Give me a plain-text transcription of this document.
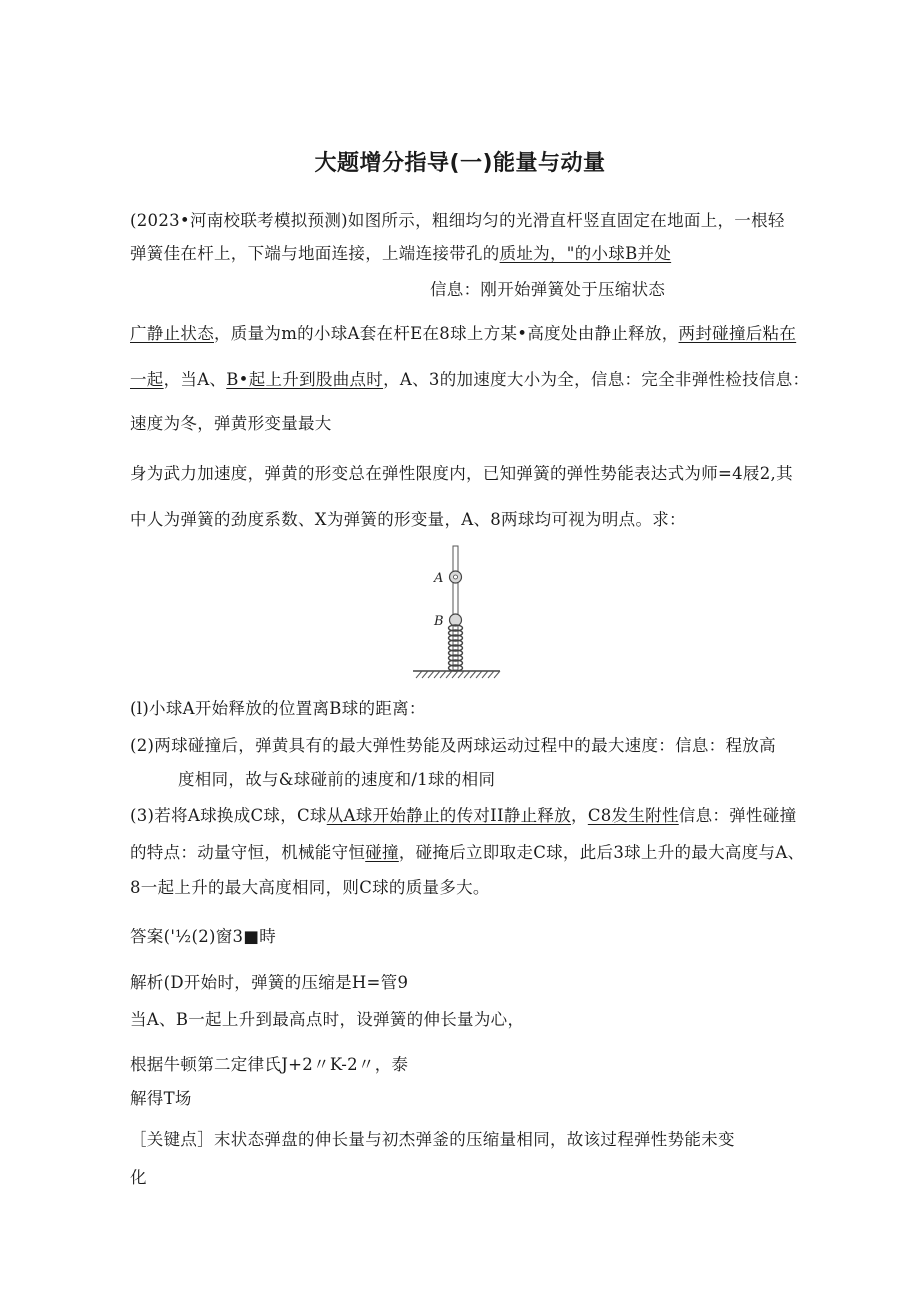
大题增分指导(一)能量与动量
(2023•河南校联考模拟预测)如图所示，粗细均匀的光滑直杆竖直固定在地面上，一根轻
弹簧佳在杆上，下端与地面连接，上端连接带孔的质址为，"的小球B并处
信息：刚开始弹簧处于压缩状态
广静止状态，质量为m的小球A套在杆E在8球上方某•高度处由静止释放，两封碰撞后粘在
一起，当A、B•起上升到股曲点时，A、3的加速度大小为全，信息：完全非弹性检技信息：
速度为冬，弹黄形变量最大
身为武力加速度，弹黄的形变总在弹性限度内，已知弹簧的弹性势能表达式为师=4屐2,其
中人为弹簧的劲度系数、X为弹簧的形变量，A、8两球均可视为明点。求：
A
B
(l)小球A开始释放的位置离B球的距离：
(2)两球碰撞后，弹黄具有的最大弹性势能及两球运动过程中的最大速度：信息：程放高
度相同，故与&球碰前的速度和/1球的相同
(3)若将A球换成C球，C球从A球开始静止的传对II静止释放，C8发生附性信息：弹性碰撞
的特点：动量守恒，机械能守恒碰撞，碰掩后立即取走C球，此后3球上升的最大高度与A、
8一起上升的最大高度相同，则C球的质量多大。
答案('½(2)窗3■時
解析(D开始时，弹簧的压缩是H=管9
当A、B一起上升到最高点时，设弹簧的伸长量为心，
根据牛顿第二定律氏J+2〃K-2〃，泰
解得T场
［关键点］末状态弹盘的伸长量与初杰弹釜的压缩量相同，故该过程弹性势能未变
化
